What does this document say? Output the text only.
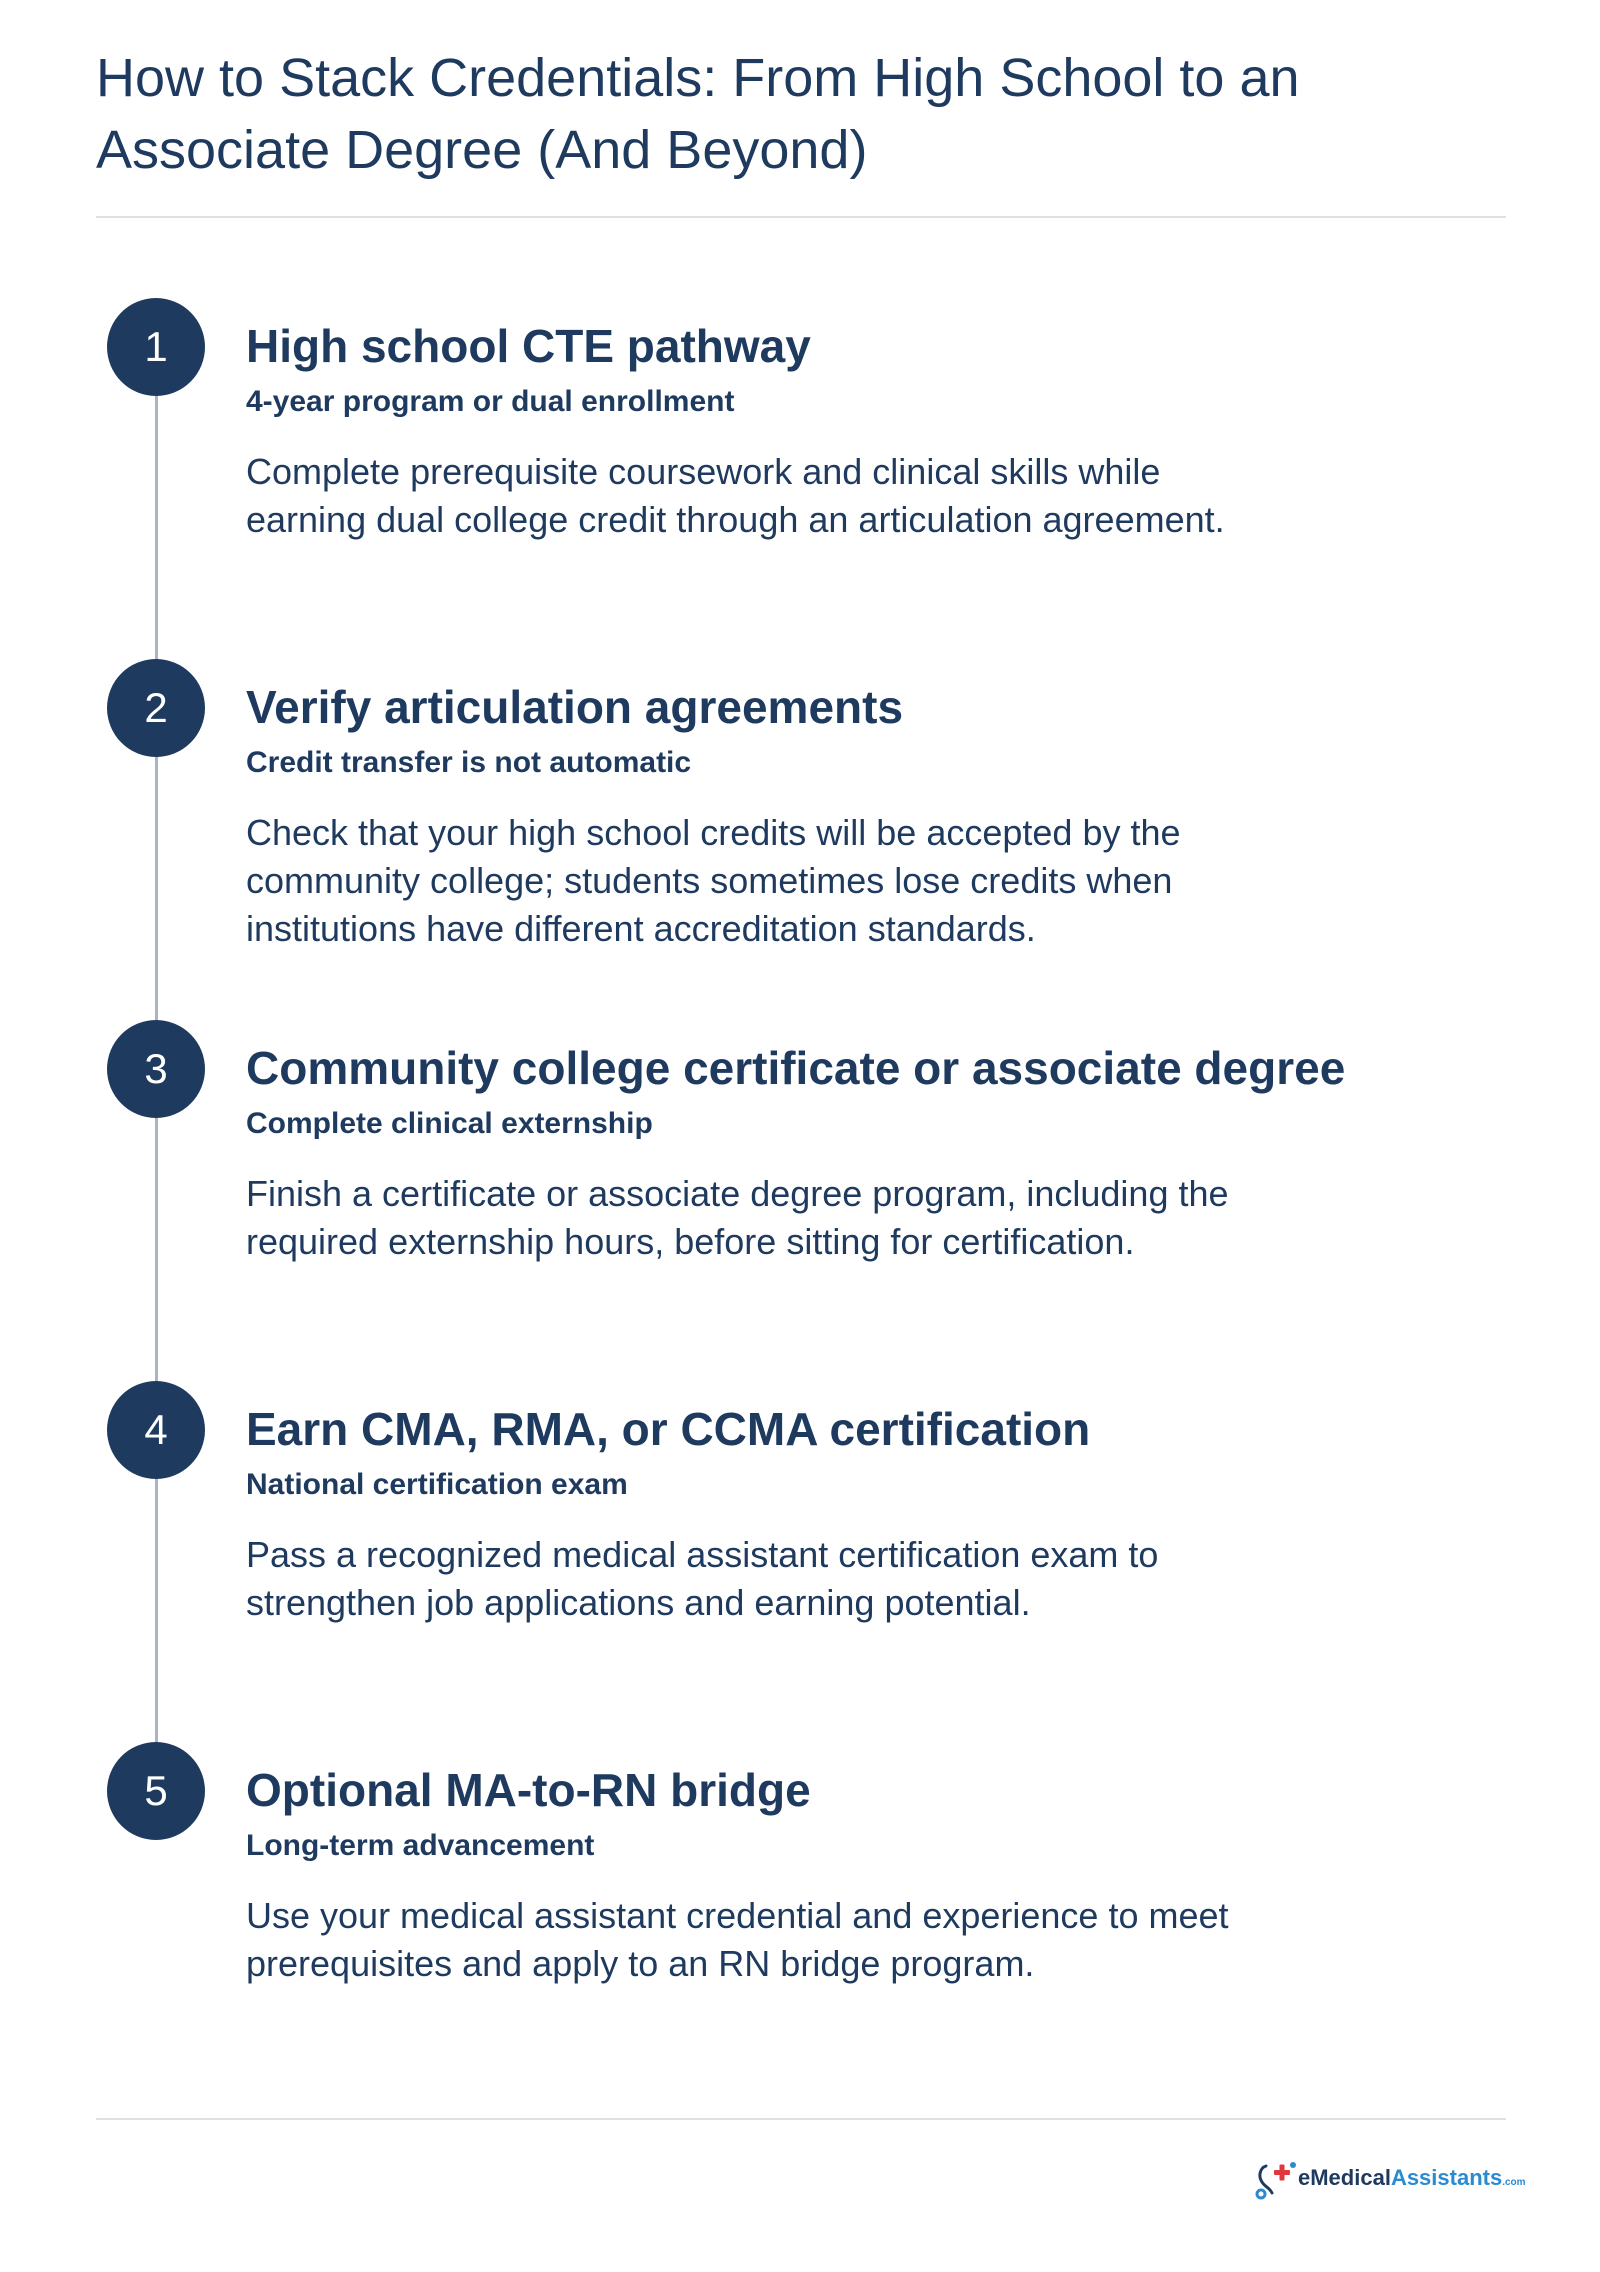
How to Stack Credentials: From High School to an Associate Degree (And Beyond)
1	High school CTE pathway
4-year program or dual enrollment
Complete prerequisite coursework and clinical skills while earning dual college credit through an articulation agreement.
2	Verify articulation agreements
Credit transfer is not automatic
Check that your high school credits will be accepted by the community college; students sometimes lose credits when institutions have different accreditation standards.
3	Community college certificate or associate degree
Complete clinical externship
Finish a certificate or associate degree program, including the required externship hours, before sitting for certification.
4	Earn CMA, RMA, or CCMA certification
National certification exam
Pass a recognized medical assistant certification exam to strengthen job applications and earning potential.
5	Optional MA-to-RN bridge
Long-term advancement
Use your medical assistant credential and experience to meet prerequisites and apply to an RN bridge program.
eMedicalAssistants.com
